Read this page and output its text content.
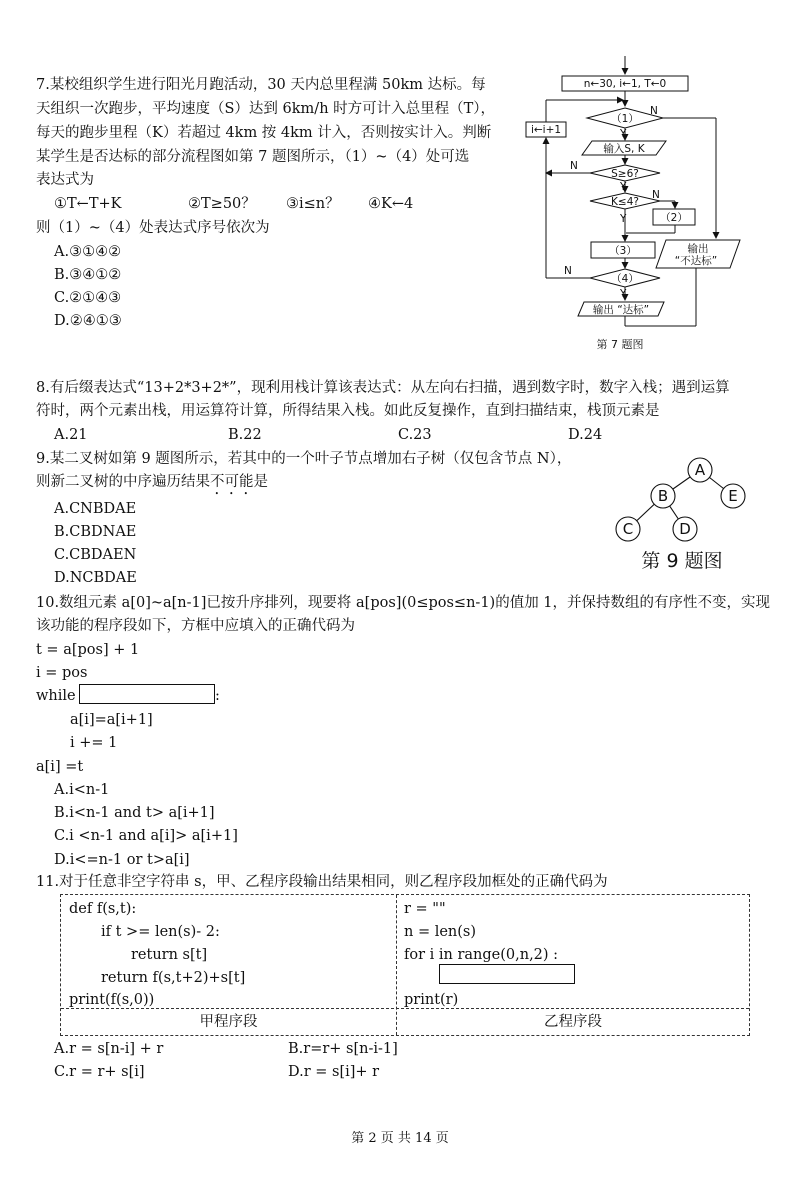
7.某校组织学生进行阳光月跑活动，30 天内总里程满 50km 达标。每
天组织一次跑步，平均速度（S）达到 6km/h 时方可计入总里程（T），
每天的跑步里程（K）若超过 4km 按 4km 计入，否则按实计入。判断
某学生是否达标的部分流程图如第 7 题图所示，（1）~（4）处可选
表达式为
①T←T+K	②T≥50？ ③i≤n？ ④K←4
则（1）~（4）处表达式序号依次为
A.③①④②
B.③④①②
C.②①④③
D.②④①③
n←30, i←1, T←0
（1）
i←i+1
输入S, K
S≥6?
K≤4?
（2）
（3）
（4）
输出 “达标”
输出
“不达标”
Y
Y
Y
Y
N
N
N
N
第 7 题图
8.有后缀表达式“13+2*3+2*”，现利用栈计算该表达式：从左向右扫描，遇到数字时，数字入栈；遇到运算
符时，两个元素出栈，用运算符计算，所得结果入栈。如此反复操作，直到扫描结束，栈顶元素是
A.21	B.22	C.23	D.24
9.某二叉树如第 9 题图所示，若其中的一个叶子节点增加右子树（仅包含节点 N），
则新二叉树的中序遍历结果不可能是
A.CNBDAE
B.CBDNAE
C.CBDAEN
D.NCBDAE
A
B	E
C	D
第 9 题图
10.数组元素 a[0]~a[n-1]已按升序排列，现要将 a[pos](0≤pos≤n-1)的值加 1，并保持数组的有序性不变，实现
该功能的程序段如下，方框中应填入的正确代码为
t = a[pos] + 1
i = pos
while	:
a[i]=a[i+1]
i += 1
a[i] =t
A.i<n-1
B.i<n-1 and t> a[i+1]
C.i <n-1 and a[i]> a[i+1]
D.i<=n-1 or t>a[i]
11.对于任意非空字符串 s，甲、乙程序段输出结果相同，则乙程序段加框处的正确代码为
def f(s,t):
if t >= len(s)- 2:
return s[t]
return f(s,t+2)+s[t]
print(f(s,0))
r = ""
n = len(s)
for i in range(0,n,2) :
print(r)
甲程序段	乙程序段
A.r = s[n-i] + r	B.r=r+ s[n-i-1]
C.r = r+ s[i]	D.r = s[i]+ r
第 2 页 共 14 页
